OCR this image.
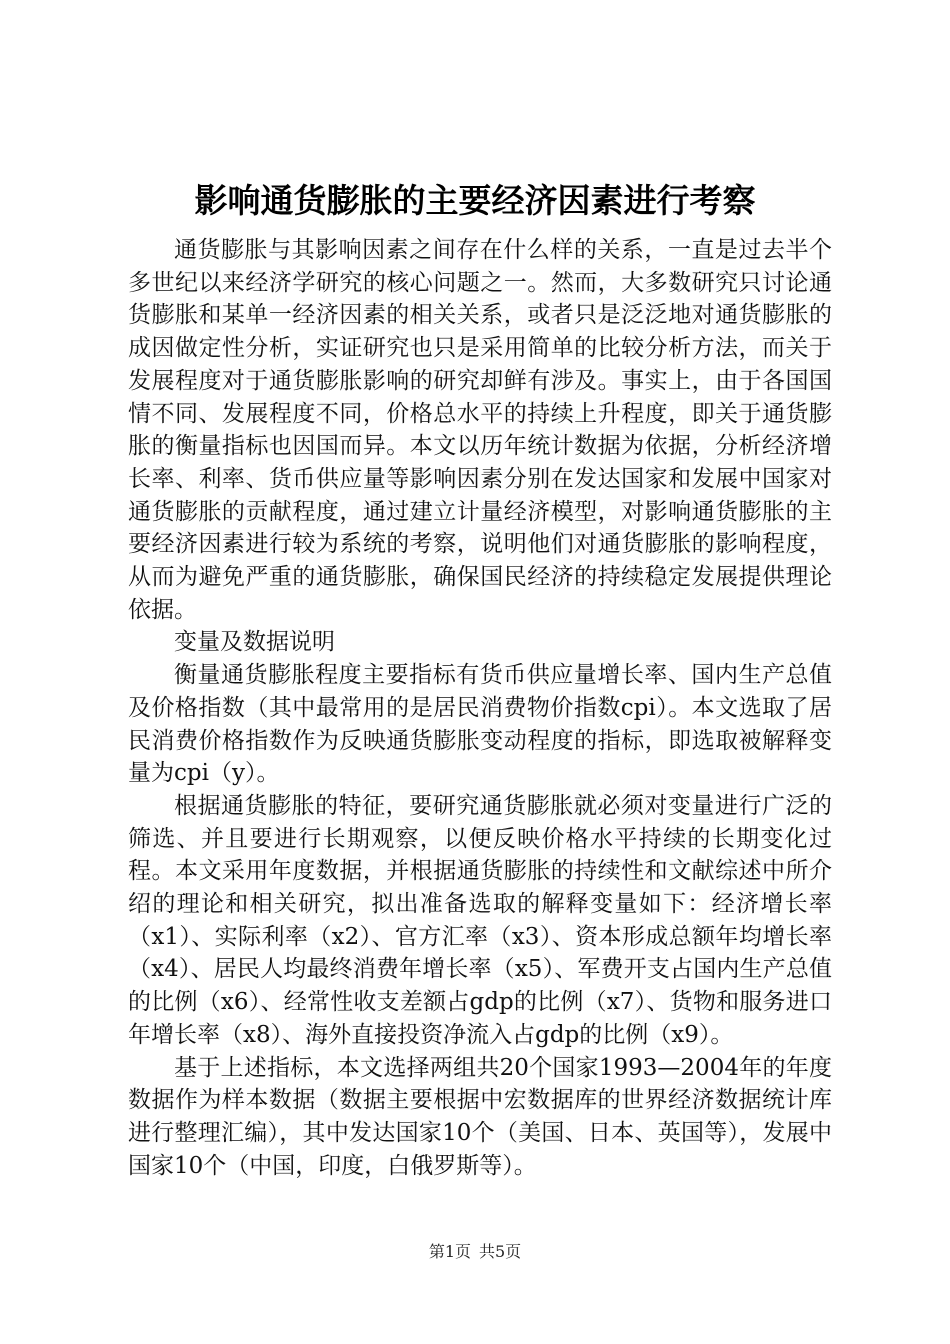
影响通货膨胀的主要经济因素进行考察

通货膨胀与其影响因素之间存在什么样的关系，一直是过去半个多世纪以来经济学研究的核心问题之一。然而，大多数研究只讨论通货膨胀和某单一经济因素的相关关系，或者只是泛泛地对通货膨胀的成因做定性分析，实证研究也只是采用简单的比较分析方法，而关于发展程度对于通货膨胀影响的研究却鲜有涉及。事实上，由于各国国情不同、发展程度不同，价格总水平的持续上升程度，即关于通货膨胀的衡量指标也因国而异。本文以历年统计数据为依据，分析经济增长率、利率、货币供应量等影响因素分别在发达国家和发展中国家对通货膨胀的贡献程度，通过建立计量经济模型，对影响通货膨胀的主要经济因素进行较为系统的考察，说明他们对通货膨胀的影响程度，从而为避免严重的通货膨胀，确保国民经济的持续稳定发展提供理论依据。

变量及数据说明

衡量通货膨胀程度主要指标有货币供应量增长率、国内生产总值及价格指数（其中最常用的是居民消费物价指数cpi）。本文选取了居民消费价格指数作为反映通货膨胀变动程度的指标，即选取被解释变量为cpi（y）。

根据通货膨胀的特征，要研究通货膨胀就必须对变量进行广泛的筛选、并且要进行长期观察，以便反映价格水平持续的长期变化过程。本文采用年度数据，并根据通货膨胀的持续性和文献综述中所介绍的理论和相关研究，拟出准备选取的解释变量如下：经济增长率（x1）、实际利率（x2）、官方汇率（x3）、资本形成总额年均增长率（x4）、居民人均最终消费年增长率（x5）、军费开支占国内生产总值的比例（x6）、经常性收支差额占gdp的比例（x7）、货物和服务进口年增长率（x8）、海外直接投资净流入占gdp的比例（x9）。

基于上述指标，本文选择两组共20个国家1993—2004年的年度数据作为样本数据（数据主要根据中宏数据库的世界经济数据统计库进行整理汇编），其中发达国家10个（美国、日本、英国等），发展中国家10个（中国，印度，白俄罗斯等）。

第1页 共5页
